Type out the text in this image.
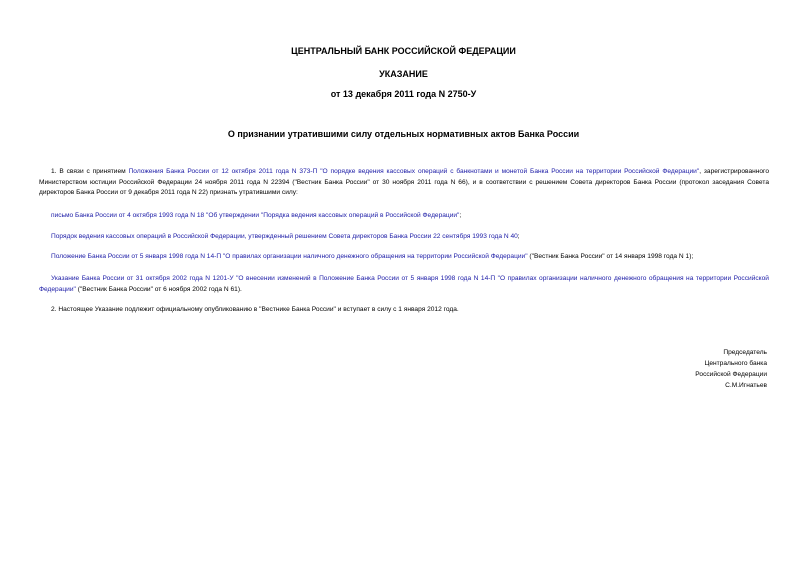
ЦЕНТРАЛЬНЫЙ БАНК РОССИЙСКОЙ ФЕДЕРАЦИИ
УКАЗАНИЕ
от 13 декабря 2011 года N 2750-У
О признании утратившими силу отдельных нормативных актов Банка России
1. В связи с принятием Положения Банка России от 12 октября 2011 года N 373-П "О порядке ведения кассовых операций с банкнотами и монетой Банка России на территории Российской Федерации", зарегистрированного Министерством юстиции Российской Федерации 24 ноября 2011 года N 22394 ("Вестник Банка России" от 30 ноября 2011 года N 66), и в соответствии с решением Совета директоров Банка России (протокол заседания Совета директоров Банка России от 9 декабря 2011 года N 22) признать утратившими силу:
письмо Банка России от 4 октября 1993 года N 18 "Об утверждении "Порядка ведения кассовых операций в Российской Федерации";
Порядок ведения кассовых операций в Российской Федерации, утвержденный решением Совета директоров Банка России 22 сентября 1993 года N 40;
Положение Банка России от 5 января 1998 года N 14-П "О правилах организации наличного денежного обращения на территории Российской Федерации" ("Вестник Банка России" от 14 января 1998 года N 1);
Указание Банка России от 31 октября 2002 года N 1201-У "О внесении изменений в Положение Банка России от 5 января 1998 года N 14-П "О правилах организации наличного денежного обращения на территории Российской Федерации" ("Вестник Банка России" от 6 ноября 2002 года N 61).
2. Настоящее Указание подлежит официальному опубликованию в "Вестнике Банка России" и вступает в силу с 1 января 2012 года.
Председатель
Центрального банка
Российской Федерации
С.М.Игнатьев
